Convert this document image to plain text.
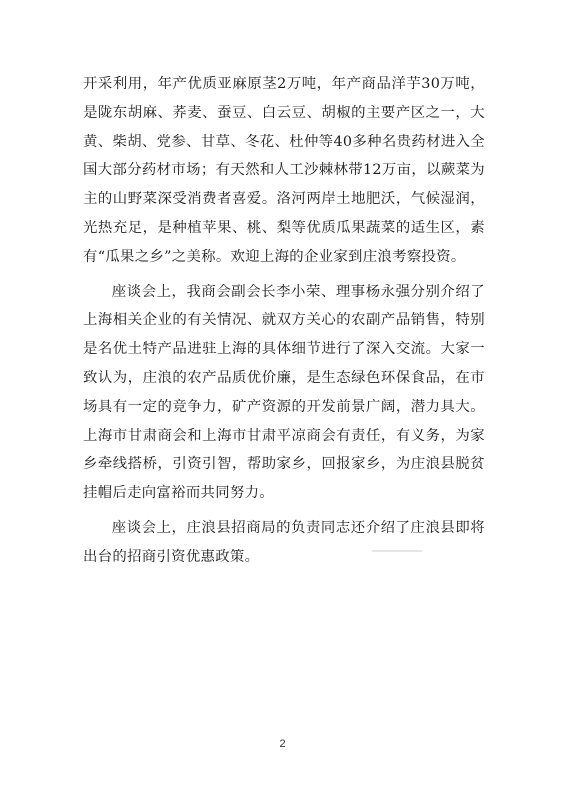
开采利用，年产优质亚麻原茎2万吨，年产商品洋芋30万吨，是陇东胡麻、荞麦、蚕豆、白云豆、胡椒的主要产区之一，大黄、柴胡、党参、甘草、冬花、杜仲等40多种名贵药材进入全国大部分药材市场；有天然和人工沙棘林带12万亩，以蕨菜为主的山野菜深受消费者喜爱。洛河两岸土地肥沃，气候湿润，光热充足，是种植苹果、桃、梨等优质瓜果蔬菜的适生区，素有“瓜果之乡”之美称。欢迎上海的企业家到庄浪考察投资。

座谈会上，我商会副会长李小荣、理事杨永强分别介绍了上海相关企业的有关情况、就双方关心的农副产品销售，特别是名优土特产品进驻上海的具体细节进行了深入交流。大家一致认为，庄浪的农产品质优价廉，是生态绿色环保食品，在市场具有一定的竞争力，矿产资源的开发前景广阔，潜力具大。上海市甘肃商会和上海市甘肃平凉商会有责任，有义务，为家乡牵线搭桥，引资引智，帮助家乡，回报家乡，为庄浪县脱贫挂帽后走向富裕而共同努力。

座谈会上，庄浪县招商局的负责同志还介绍了庄浪县即将出台的招商引资优惠政策。

2
